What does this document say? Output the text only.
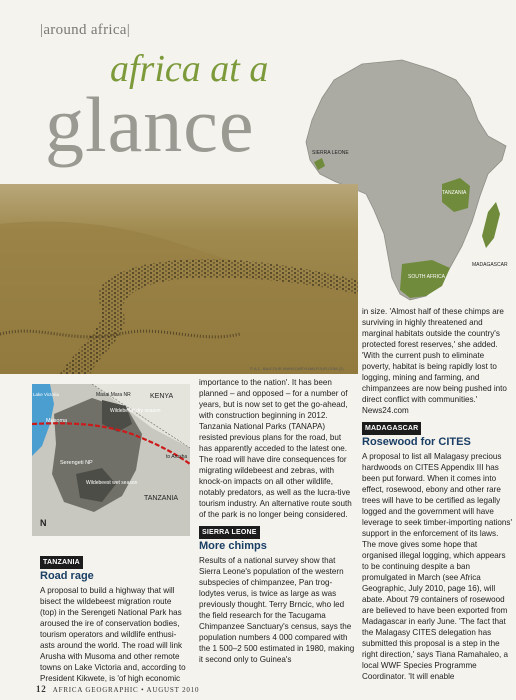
|around africa|
africa at a
glance	SIERRA LEONE
TANZANIA
MADAGASCAR
SOUTH AFRICA
© A.C. BALFOUR WWW.DARYLBALFOUR.COM (2)
KENYA
Masai Mara NR
Wildebeest dry season
Musoma
Lake Victoria
to Arusha
Serengeti NP
Wildebeest wet season
TANZANIA
N
TANZANIA
Road rage

A proposal to build a highway that will bisect the wildebeest migration route (top) in the Serengeti National Park has aroused the ire of conservation bodies, tourism operators and wildlife enthusi-asts around the world. The road will link Arusha with Musoma and other remote towns on Lake Victoria and, according to President Kikwete, is 'of high economic

importance to the nation'. It has been planned – and opposed – for a number of years, but is now set to get the go-ahead, with construction beginning in 2012. Tanzania National Parks (TANAPA) resisted previous plans for the road, but has apparently acceded to the latest one. The road will have dire consequences for migrating wildebeest and zebras, with knock-on impacts on all other wildlife, notably predators, as well as the lucra-tive tourism industry. An alternative route south of the park is no longer being considered.

SIERRA LEONE
More chimps

Results of a national survey show that Sierra Leone's population of the western subspecies of chimpanzee, Pan trog-lodytes verus, is twice as large as was previously thought. Terry Brncic, who led the field research for the Tacugama Chimpanzee Sanctuary's census, says the population numbers 4 000 compared with the 1 500–2 500 estimated in 1980, making it second only to Guinea's

in size. 'Almost half of these chimps are surviving in highly threatened and marginal habitats outside the country's protected forest reserves,' she added. 'With the current push to eliminate poverty, habitat is being rapidly lost to logging, mining and farming, and chimpanzees are now being pushed into direct conflict with communities.' News24.com

MADAGASCAR
Rosewood for CITES

A proposal to list all Malagasy precious hardwoods on CITES Appendix III has been put forward. When it comes into effect, rosewood, ebony and other rare trees will have to be certified as legally logged and the government will have leverage to seek timber-importing nations' support in the enforcement of its laws. The move gives some hope that organised illegal logging, which appears to be continuing despite a ban promulgated in March (see Africa Geographic, July 2010, page 16), will abate. About 79 containers of rosewood are believed to have been exported from Madagascar in early June. 'The fact that the Malagasy CITES delegation has submitted this proposal is a step in the right direction,' says Tiana Ramahaleo, a local WWF Species Programme Coordinator. 'It will enable

12 AFRICA GEOGRAPHIC • AUGUST 2010
